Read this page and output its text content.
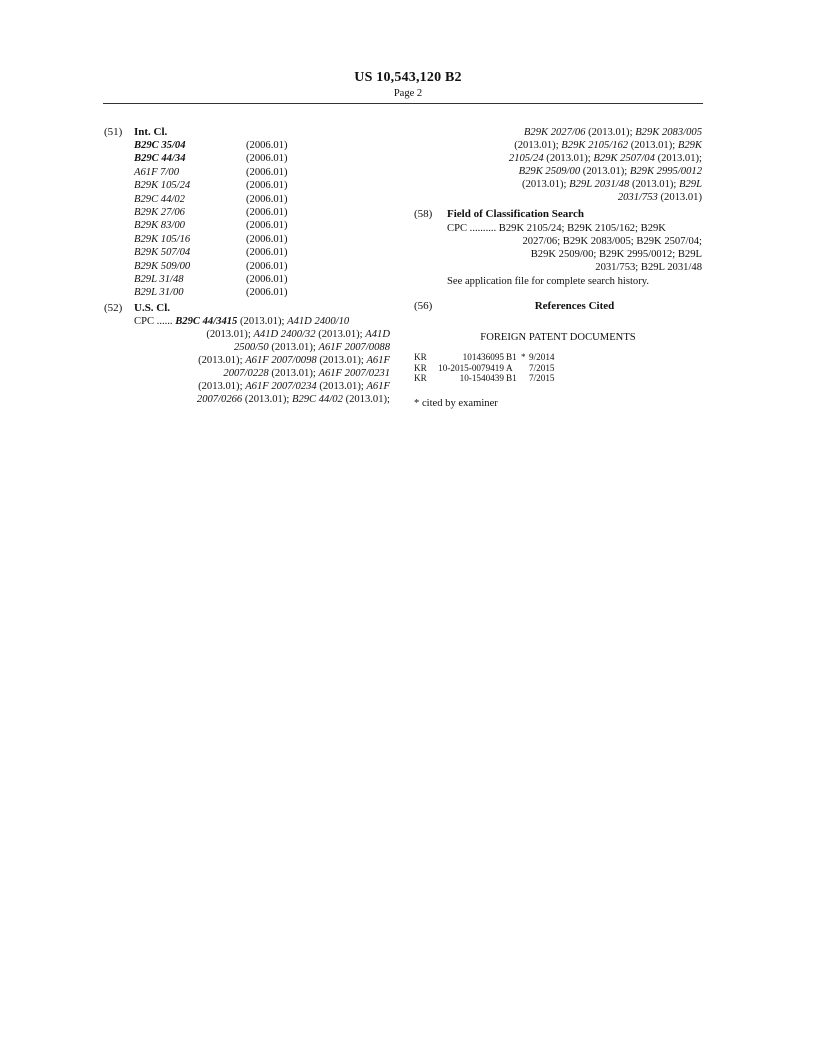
US 10,543,120 B2
Page 2
(51) Int. Cl.
B29C 35/04	(2006.01)
B29C 44/34	(2006.01)
A61F 7/00	(2006.01)
B29K 105/24	(2006.01)
B29C 44/02	(2006.01)
B29K 27/06	(2006.01)
B29K 83/00	(2006.01)
B29K 105/16	(2006.01)
B29K 507/04	(2006.01)
B29K 509/00	(2006.01)
B29L 31/48	(2006.01)
B29L 31/00	(2006.01)
(52) U.S. Cl.
CPC ...... B29C 44/3415 (2013.01); A41D 2400/10
(2013.01); A41D 2400/32 (2013.01); A41D
2500/50 (2013.01); A61F 2007/0088
(2013.01); A61F 2007/0098 (2013.01); A61F
2007/0228 (2013.01); A61F 2007/0231
(2013.01); A61F 2007/0234 (2013.01); A61F
2007/0266 (2013.01); B29C 44/02 (2013.01);
B29K 2027/06 (2013.01); B29K 2083/005
(2013.01); B29K 2105/162 (2013.01); B29K
2105/24 (2013.01); B29K 2507/04 (2013.01);
B29K 2509/00 (2013.01); B29K 2995/0012
(2013.01); B29L 2031/48 (2013.01); B29L
2031/753 (2013.01)
(58) Field of Classification Search
CPC .......... B29K 2105/24; B29K 2105/162; B29K
2027/06; B29K 2083/005; B29K 2507/04;
B29K 2509/00; B29K 2995/0012; B29L
2031/753; B29L 2031/48
See application file for complete search history.
(56)	References Cited
FOREIGN PATENT DOCUMENTS
KR	101436095 B1 * 9/2014
KR 10-2015-0079419 A 7/2015
KR	10-1540439 B1 7/2015
* cited by examiner
